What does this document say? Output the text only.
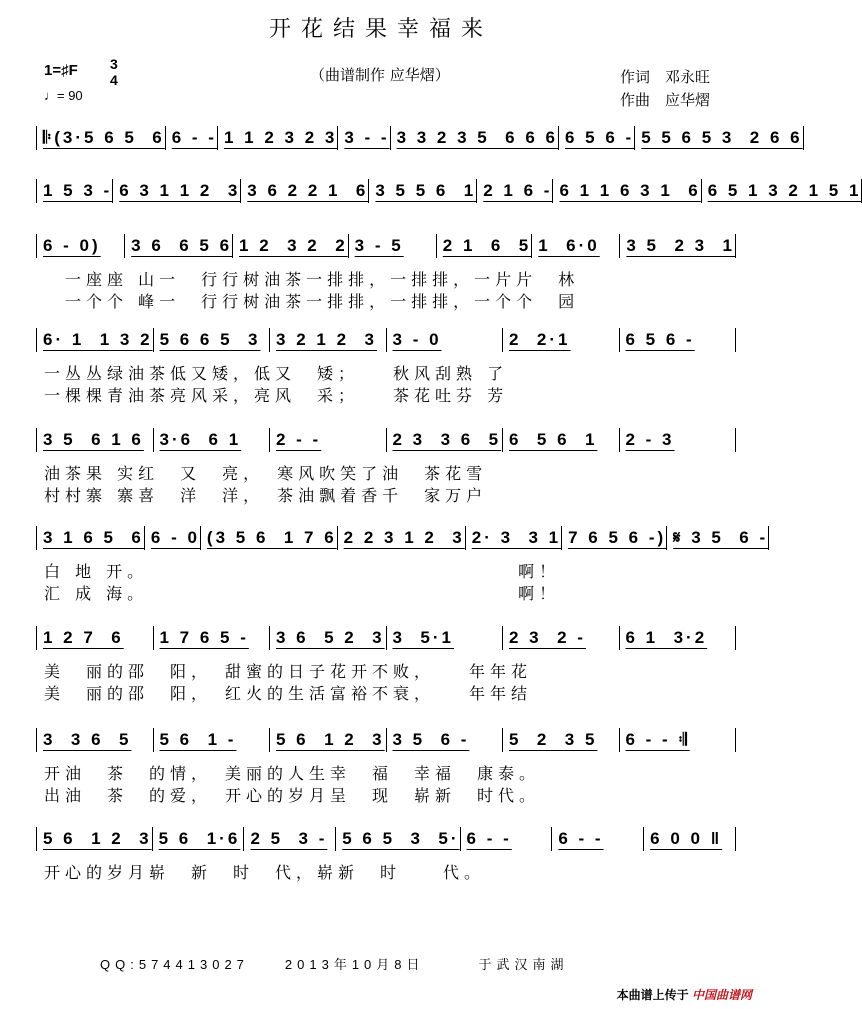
开花结果幸福来
1=♯F 3
4
♩= 90
（曲谱制作 应华熠）	作词　邓永旺
作曲　应华熠
𝄆(3·5 6 5  6 6 - - 1 1 2 3 2 3 3 - - 3 3 2 3 5  6 6 6 6 5 6 - 5 5 6 5 3  2 6 6
1 5 3 - 6 3 1 1 2  3 3 6 2 2 1  6 3 5 5 6  1 2 1 6 - 6 1 1 6 3 1  6 6 5 1 3 2 1 5 1
6 - 0)	3 6  6 5 6 1 2  3 2  2 3 - 5	2 1  6  5 1  6·0	3 5  2 3  1
　一座座 山一　行行树油茶一排排，一排排，一片片　林
　一个个 峰一　行行树油茶一排排，一排排，一个个　园
6· 1  1 3 2 5 6 6 5  3 3 2 1 2  3 3 - 0	2  2·1	6 5 6 -
一丛丛绿油茶低又矮，低又　矮；　　秋风刮熟 了
一棵棵青油茶亮风采，亮风　采；　　茶花吐芬 芳
3 5  6 1 6 3·6  6 1	2 - -	2 3  3 6  5 6  5 6  1	2 - 3
油茶果 实红　又　亮，　寒风吹笑了油　茶花雪
村村寨 寨喜　洋　洋，　茶油飘着香千　家万户
3 1 6 5  6 6 - 0 (3 5 6  1 7 6 2 2 3 1 2  3 2· 3  3 1 7 6 5 6 -) 𝄋 3 5  6 -
白 地 开。　　　　　　　　　　　　　　　　　　啊！
汇 成 海。　　　　　　　　　　　　　　　　　　啊！
1 2 7  6	1 7 6 5 -	3 6  5 2  3 3  5·1	2 3  2 -	6 1  3·2
美　丽的邵　阳，　甜蜜的日子花开不败，　　年年花
美　丽的邵　阳，　红火的生活富裕不衰，　　年年结
3  3 6  5	5 6  1 -	5 6  1 2  3 3 5  6 -	5  2  3 5	6 - - 𝄇
开油　茶　的情，　美丽的人生幸　福　幸福　康泰。
出油　茶　的爱，　开心的岁月呈　现　崭新　时代。
5 6  1 2  3 5 6  1·6 2 5  3 - 5 6 5  3  5· 6 - -	6 - -	6 0 0 ‖
开心的岁月崭　新　时　代，崭新　时　　代。
QQ:574413027　　2013年10月8日　　　于武汉南湖
本曲谱上传于 中国曲谱网
